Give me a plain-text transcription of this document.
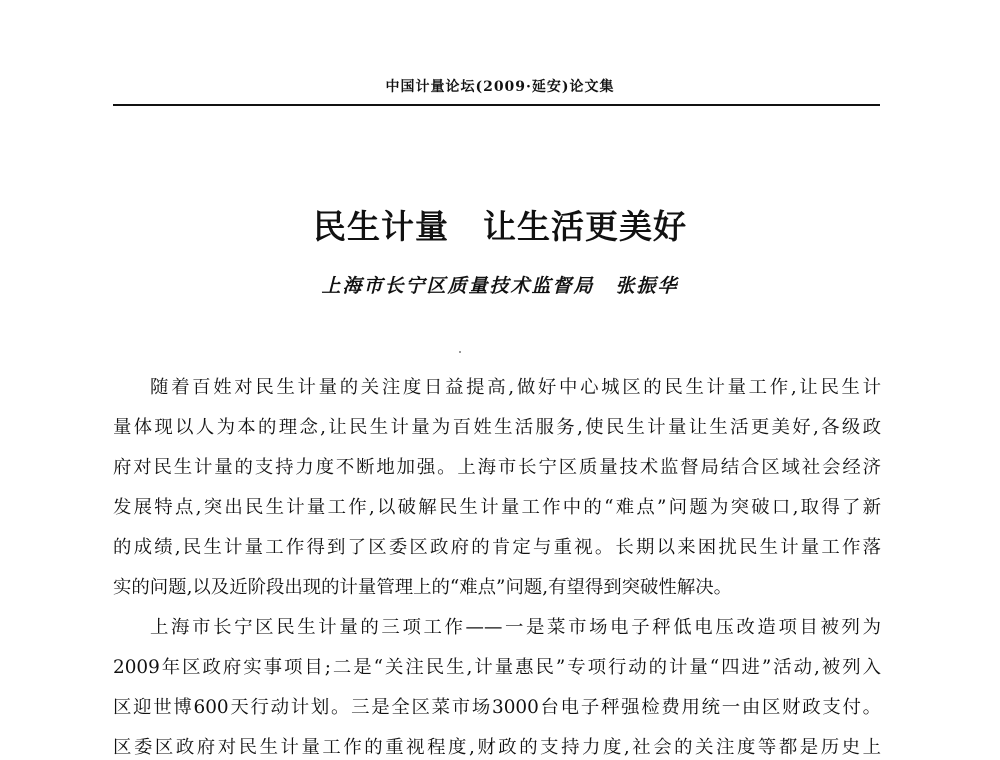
中国计量论坛(2009·延安)论文集
民生计量　让生活更美好
上海市长宁区质量技术监督局　张振华
随着百姓对民生计量的关注度日益提高,做好中心城区的民生计量工作,让民生计
量体现以人为本的理念,让民生计量为百姓生活服务,使民生计量让生活更美好,各级政
府对民生计量的支持力度不断地加强。上海市长宁区质量技术监督局结合区域社会经济
发展特点,突出民生计量工作,以破解民生计量工作中的“难点”问题为突破口,取得了新
的成绩,民生计量工作得到了区委区政府的肯定与重视。长期以来困扰民生计量工作落
实的问题,以及近阶段出现的计量管理上的“难点”问题,有望得到突破性解决。
上海市长宁区民生计量的三项工作——一是菜市场电子秤低电压改造项目被列为
2009年区政府实事项目;二是“关注民生,计量惠民”专项行动的计量“四进”活动,被列入
区迎世博600天行动计划。三是全区菜市场3000台电子秤强检费用统一由区财政支付。
区委区政府对民生计量工作的重视程度,财政的支持力度,社会的关注度等都是历史上
